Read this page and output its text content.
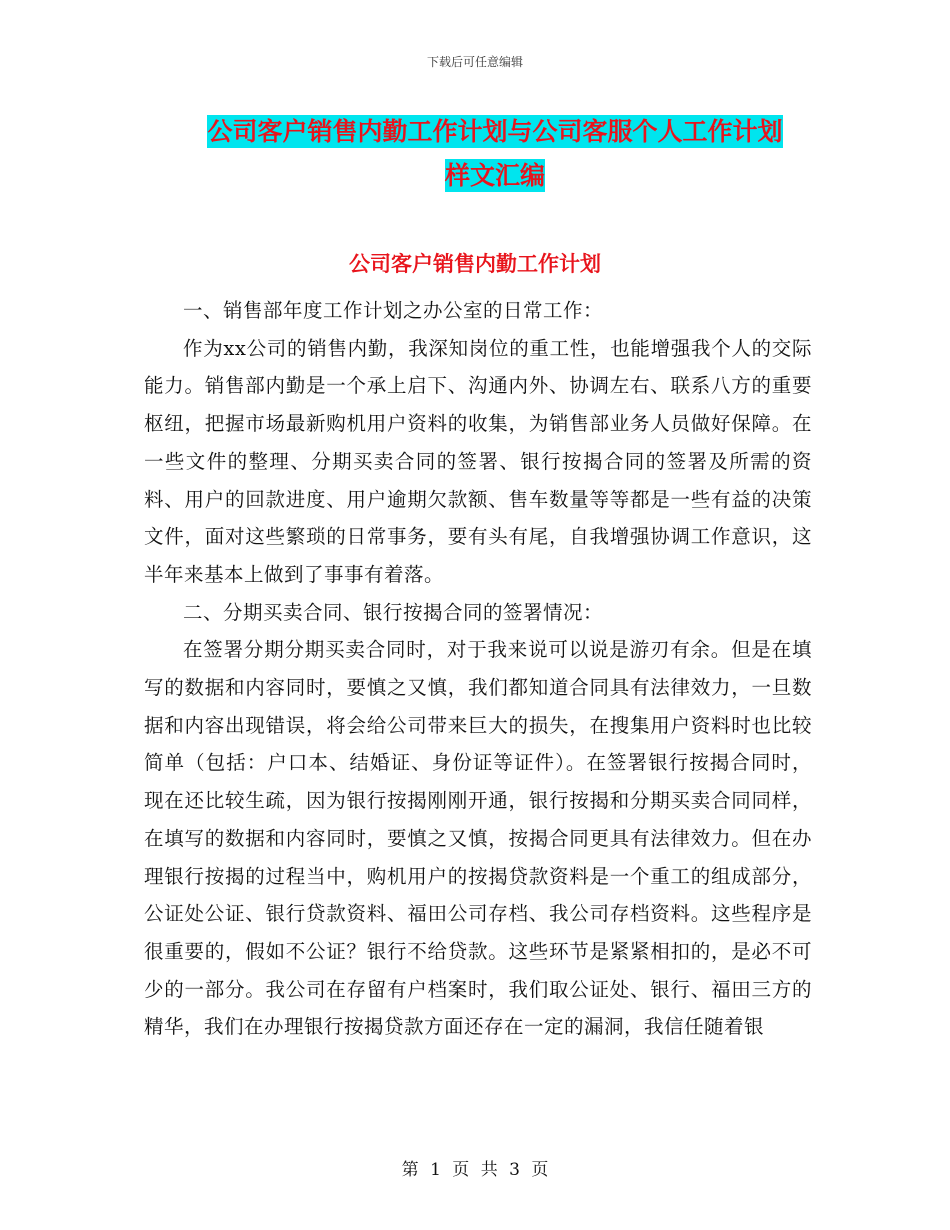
下载后可任意编辑
公司客户销售内勤工作计划与公司客服个人工作计划
样文汇编
公司客户销售内勤工作计划

一、销售部年度工作计划之办公室的日常工作：

作为xx公司的销售内勤，我深知岗位的重工性，也能增强我个人的交际能力。销售部内勤是一个承上启下、沟通内外、协调左右、联系八方的重要枢纽，把握市场最新购机用户资料的收集，为销售部业务人员做好保障。在一些文件的整理、分期买卖合同的签署、银行按揭合同的签署及所需的资料、用户的回款进度、用户逾期欠款额、售车数量等等都是一些有益的决策文件，面对这些繁琐的日常事务，要有头有尾，自我增强协调工作意识，这半年来基本上做到了事事有着落。

二、分期买卖合同、银行按揭合同的签署情况：

在签署分期分期买卖合同时，对于我来说可以说是游刃有余。但是在填写的数据和内容同时，要慎之又慎，我们都知道合同具有法律效力，一旦数据和内容出现错误，将会给公司带来巨大的损失，在搜集用户资料时也比较简单（包括：户口本、结婚证、身份证等证件）。在签署银行按揭合同时，现在还比较生疏，因为银行按揭刚刚开通，银行按揭和分期买卖合同同样，在填写的数据和内容同时，要慎之又慎，按揭合同更具有法律效力。但在办理银行按揭的过程当中，购机用户的按揭贷款资料是一个重工的组成部分，公证处公证、银行贷款资料、福田公司存档、我公司存档资料。这些程序是很重要的，假如不公证？银行不给贷款。这些环节是紧紧相扣的，是必不可少的一部分。我公司在存留有户档案时，我们取公证处、银行、福田三方的精华，我们在办理银行按揭贷款方面还存在一定的漏洞，我信任随着银

第 1 页 共 3 页
